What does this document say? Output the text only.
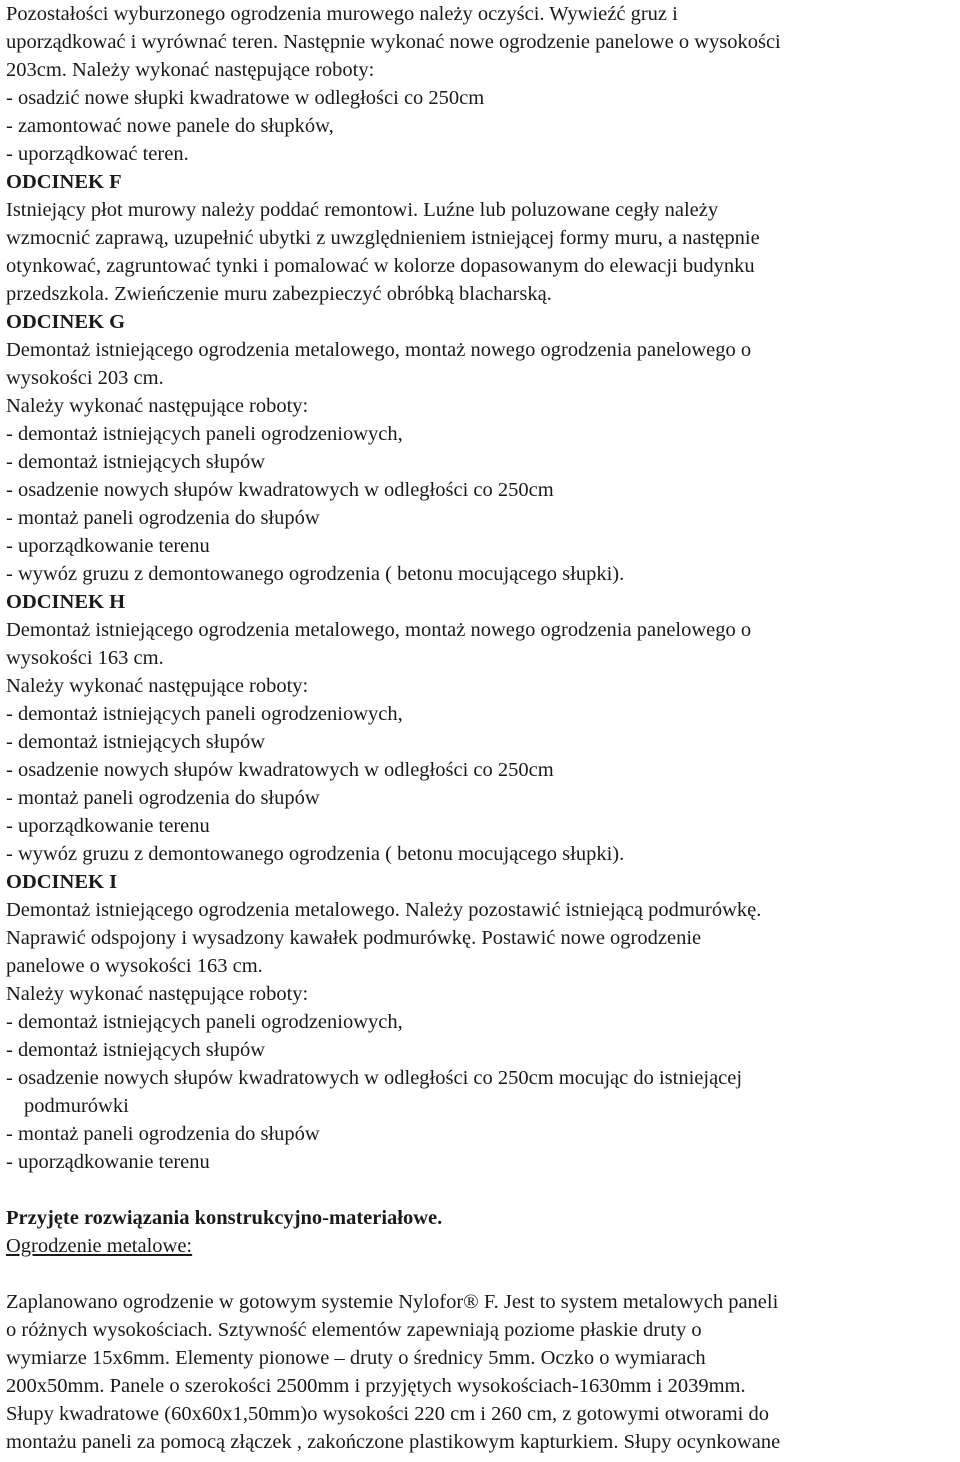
Pozostałości wyburzonego ogrodzenia murowego należy oczyści. Wywieźć gruz i
uporządkować i wyrównać teren. Następnie wykonać nowe ogrodzenie panelowe o wysokości
203cm. Należy wykonać następujące roboty:
- osadzić nowe słupki kwadratowe w odległości co 250cm
- zamontować nowe panele do słupków,
- uporządkować teren.
ODCINEK F
Istniejący płot murowy należy poddać remontowi. Luźne lub poluzowane cegły należy
wzmocnić zaprawą, uzupełnić ubytki z uwzględnieniem istniejącej formy muru, a następnie
otynkować, zagruntować tynki i pomalować w kolorze dopasowanym do elewacji budynku
przedszkola. Zwieńczenie muru zabezpieczyć obróbką blacharską.
ODCINEK G
Demontaż istniejącego ogrodzenia metalowego, montaż nowego ogrodzenia panelowego o
wysokości 203 cm.
Należy wykonać następujące roboty:
- demontaż istniejących paneli ogrodzeniowych,
- demontaż istniejących słupów
- osadzenie nowych słupów kwadratowych w odległości co 250cm
- montaż paneli ogrodzenia do słupów
- uporządkowanie terenu
- wywóz gruzu z demontowanego ogrodzenia ( betonu mocującego słupki).
ODCINEK H
Demontaż istniejącego ogrodzenia metalowego, montaż nowego ogrodzenia panelowego o
wysokości 163 cm.
Należy wykonać następujące roboty:
- demontaż istniejących paneli ogrodzeniowych,
- demontaż istniejących słupów
- osadzenie nowych słupów kwadratowych w odległości co 250cm
- montaż paneli ogrodzenia do słupów
- uporządkowanie terenu
- wywóz gruzu z demontowanego ogrodzenia ( betonu mocującego słupki).
ODCINEK I
Demontaż istniejącego ogrodzenia metalowego. Należy pozostawić istniejącą podmurówkę.
Naprawić odspojony i wysadzony kawałek podmurówkę. Postawić nowe ogrodzenie
panelowe o wysokości 163 cm.
Należy wykonać następujące roboty:
- demontaż istniejących paneli ogrodzeniowych,
- demontaż istniejących słupów
- osadzenie nowych słupów kwadratowych w odległości co 250cm mocując do istniejącej
podmurówki
- montaż paneli ogrodzenia do słupów
- uporządkowanie terenu
Przyjęte rozwiązania konstrukcyjno-materiałowe.
Ogrodzenie metalowe:
Zaplanowano ogrodzenie w gotowym systemie Nylofor® F. Jest to system metalowych paneli
o różnych wysokościach. Sztywność elementów zapewniają poziome płaskie druty o
wymiarze 15x6mm. Elementy pionowe – druty o średnicy 5mm. Oczko o wymiarach
200x50mm. Panele o szerokości 2500mm i przyjętych wysokościach-1630mm i 2039mm.
Słupy kwadratowe (60x60x1,50mm)o wysokości 220 cm i 260 cm, z gotowymi otworami do
montażu paneli za pomocą złączek , zakończone plastikowym kapturkiem. Słupy ocynkowane
